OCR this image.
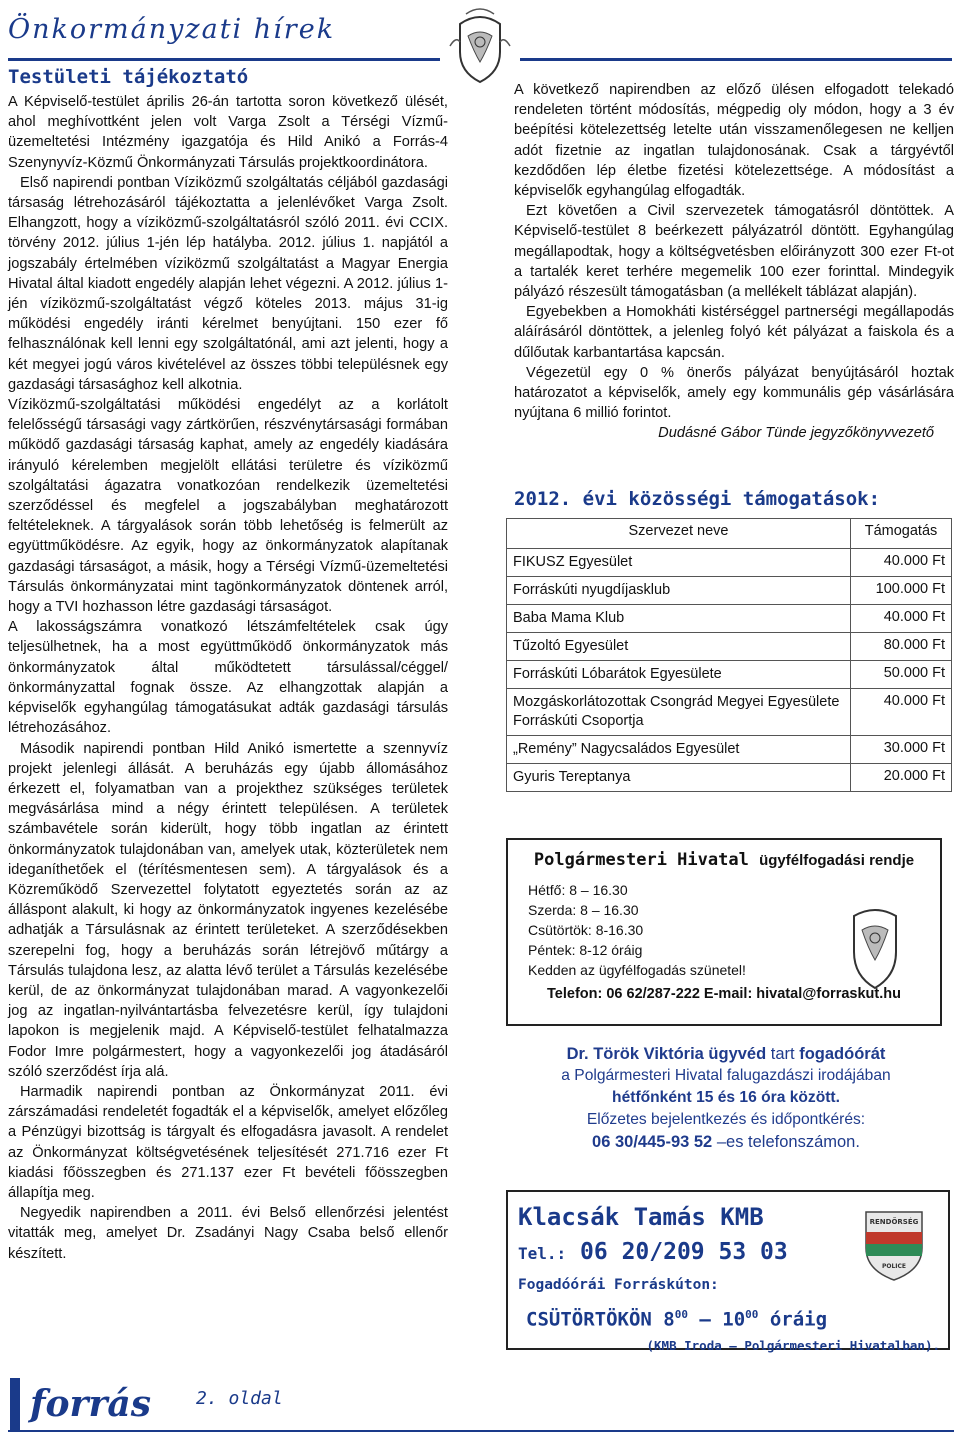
Önkormányzati hírek
Testületi tájékoztató

A Képviselő-testület április 26-án tartotta soron következő ülését, ahol meghívottként jelen volt Varga Zsolt a Térségi Vízmű-üzemeltetési Intézmény igazgatója és Hild Anikó a Forrás-4 Szenynyvíz-Közmű Önkormányzati Társulás projektkoordinátora.

Első napirendi pontban Víziközmű szolgáltatás céljából gazdasági társaság létrehozásáról tájékoztatta a jelenlévőket Varga Zsolt. Elhangzott, hogy a víziközmű-szolgáltatásról szóló 2011. évi CCIX. törvény 2012. július 1-jén lép hatályba. 2012. július 1. napjától a jogszabály értelmében víziközmű szolgáltatást a Magyar Energia Hivatal által kiadott engedély alapján lehet végezni. A 2012. július 1-jén víziközmű-szolgáltatást végző köteles 2013. május 31-ig működési engedély iránti kérelmet benyújtani. 150 ezer fő felhasználónak kell lenni egy szolgáltatónál, ami azt jelenti, hogy a két megyei jogú város kivételével az összes többi településnek egy gazdasági társasághoz kell alkotnia.

Víziközmű-szolgáltatási működési engedélyt az a korlátolt felelősségű társasági vagy zártkörűen, részvénytársasági formában működő gazdasági társaság kaphat, amely az engedély kiadására irányuló kérelemben megjelölt ellátási területre és víziközmű szolgáltatási ágazatra vonatkozóan rendelkezik üzemeltetési szerződéssel és megfelel a jogszabályban meghatározott feltételeknek. A tárgyalások során több lehetőség is felmerült az együttműködésre. Az egyik, hogy az önkormányzatok alapítanak gazdasági társaságot, a másik, hogy a Térségi Vízmű-üzemeltetési Társulás önkormányzatai mint tagönkormányzatok döntenek arról, hogy a TVI hozhasson létre gazdasági társaságot.

A lakosságszámra vonatkozó létszámfeltételek csak úgy teljesülhetnek, ha a most együttműködő önkormányzatok más önkormányzatok által működtetett társulással/céggel/önkormányzattal fognak össze. Az elhangzottak alapján a képviselők egyhangúlag támogatásukat adták gazdasági társulás létrehozásához.

Második napirendi pontban Hild Anikó ismertette a szennyvíz projekt jelenlegi állását. A beruházás egy újabb állomásához érkezett el, folyamatban van a projekthez szükséges területek megvásárlása mind a négy érintett településen. A területek számbavétele során kiderült, hogy több ingatlan az érintett önkormányzatok tulajdonában van, amelyek utak, közterületek nem ideganíthetőek el (térítésmentesen sem). A tárgyalások és a Közreműködő Szervezettel folytatott egyeztetés során az az álláspont alakult, ki hogy az önkormányzatok ingyenes kezelésébe adhatják a Társulásnak az érintett területeket. A szerződésekben szerepelni fog, hogy a beruházás során létrejövő műtárgy a Társulás tulajdona lesz, az alatta lévő terület a Társulás kezelésébe kerül, de az önkormányzat tulajdonában marad. A vagyonkezelői jog az ingatlan-nyilvántartásba felvezetésre kerül, így tulajdoni lapokon is megjelenik majd. A Képviselő-testület felhatalmazza Fodor Imre polgármestert, hogy a vagyonkezelői jog átadásáról szóló szerződést írja alá.

Harmadik napirendi pontban az Önkormányzat 2011. évi zárszámadási rendeletét fogadták el a képviselők, amelyet előzőleg a Pénzügyi bizottság is tárgyalt és elfogadásra javasolt. A rendelet az Önkormányzat költségvetésének teljesítését 271.716 ezer Ft kiadási főösszegben és 271.137 ezer Ft bevételi főösszegben állapítja meg.

Negyedik napirendben a 2011. évi Belső ellenőrzési jelentést vitatták meg, amelyet Dr. Zsadányi Nagy Csaba belső ellenőr készített.

A következő napirendben az előző ülésen elfogadott telekadó rendeleten történt módosítás, mégpedig oly módon, hogy a 3 év beépítési kötelezettség letelte után visszamenőlegesen ne kelljen adót fizetnie az ingatlan tulajdonosának. Csak a tárgyévtől kezdődően lép életbe fizetési kötelezettsége. A módosítást a képviselők egyhangúlag elfogadták.

Ezt követően a Civil szervezetek támogatásról döntöttek. A Képviselő-testület 8 beérkezett pályázatról döntött. Egyhangúlag megállapodtak, hogy a költségvetésben előirányzott 300 ezer Ft-ot a tartalék keret terhére megemelik 100 ezer forinttal. Mindegyik pályázó részesült támogatásban (a mellékelt táblázat alapján).

Egyebekben a Homokháti kistérséggel partnerségi megállapodás aláírásáról döntöttek, a jelenleg folyó két pályázat a faiskola és a dűlőutak karbantartása kapcsán.

Végezetül egy 0 % önerős pályázat benyújtásáról hoztak határozatot a képviselők, amely egy kommunális gép vásárlására nyújtana 6 millió forintot.

Dudásné Gábor Tünde jegyzőkönyvvezető

2012. évi közösségi támogatások:
Szervezet neve	Támogatás
FIKUSZ Egyesület	40.000 Ft
Forráskúti nyugdíjasklub	100.000 Ft
Baba Mama Klub	40.000 Ft
Tűzoltó Egyesület	80.000 Ft
Forráskúti Lóbarátok Egyesülete	50.000 Ft
Mozgáskorlátozottak Csongrád Megyei Egyesülete Forráskúti Csoportja	40.000 Ft
„Remény” Nagycsaládos Egyesület	30.000 Ft
Gyuris Tereptanya	20.000 Ft
Polgármesteri Hivatal ügyfélfogadási rendje
Hétfő: 8 – 16.30
Szerda: 8 – 16.30
Csütörtök: 8-16.30
Péntek: 8-12 óráig
Kedden az ügyfélfogadás szünetel!
Telefon: 06 62/287-222 E-mail: hivatal@forraskut.hu
Dr. Török Viktória ügyvéd tart fogadóórát
a Polgármesteri Hivatal falugazdászi irodájában
hétfőnként 15 és 16 óra között.
Előzetes bejelentkezés és időpontkérés:
06 30/445-93 52 –es telefonszámon.
Klacsák Tamás KMB
Tel.: 06 20/209 53 03
Fogadóórái Forráskúton:
CSÜTÖRTÖKÖN $8^{00} - 10^{00}$ óráig
(KMB Iroda – Polgármesteri Hivatalban).
RENDŐRSÉG
POLICE
forrás 2. oldal
